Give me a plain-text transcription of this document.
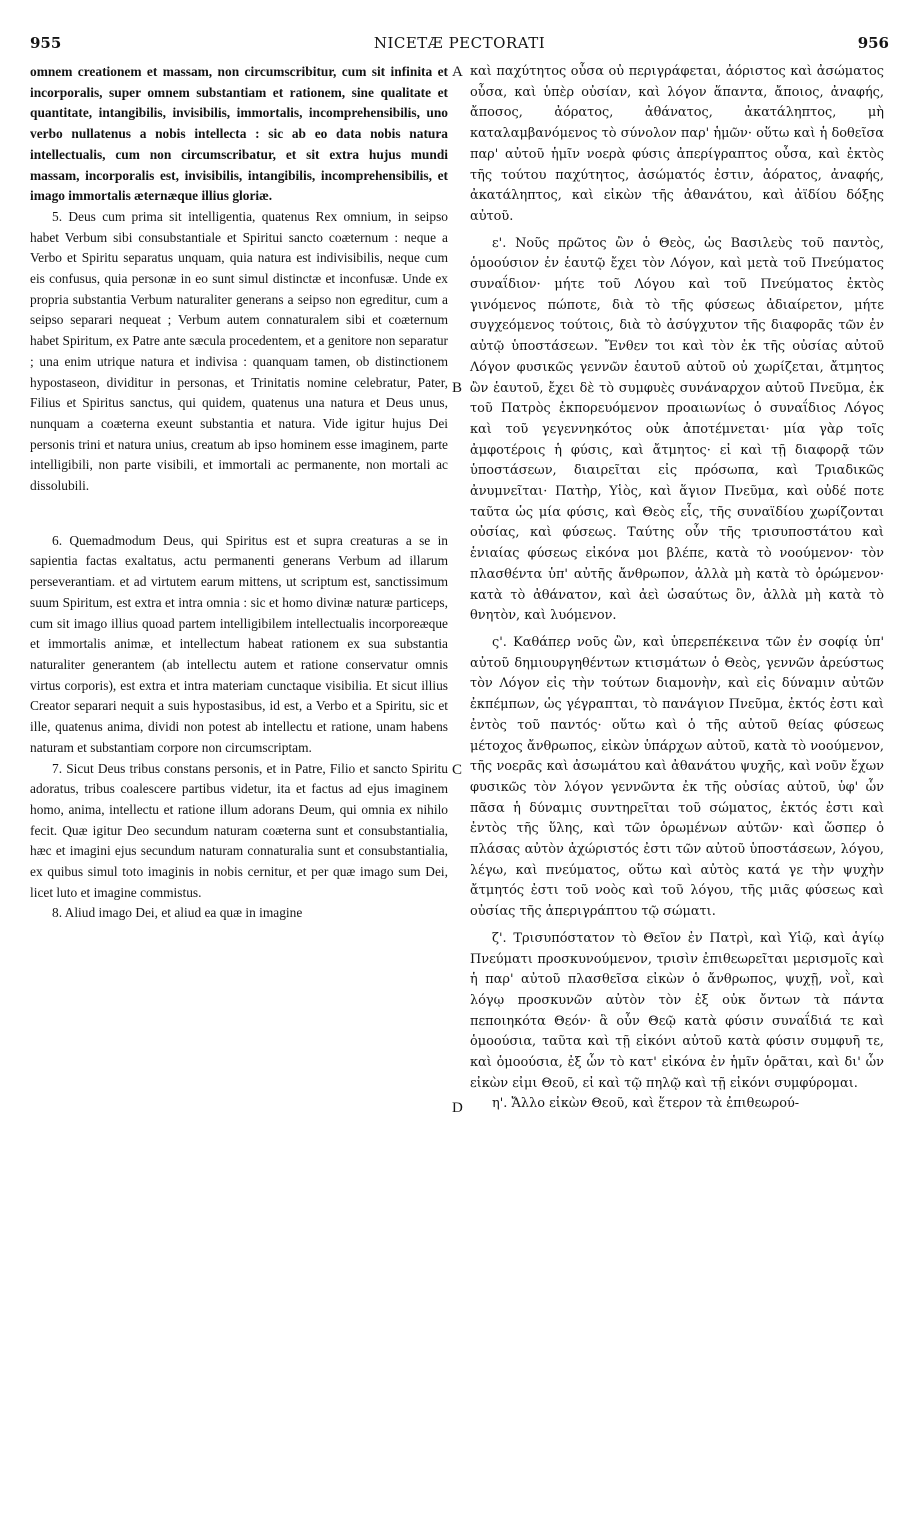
955	NICETÆ PECTORATI	956

omnem creationem et massam, non circumscribitur, cum sit infinita et incorporalis, super omnem substantiam et rationem, sine qualitate et quantitate, intangibilis, invisibilis, immortalis, incomprehensibilis, uno verbo nullatenus a nobis intellecta : sic ab eo data nobis natura intellectualis, cum non circumscribatur, et sit extra hujus mundi massam, incorporalis est, invisibilis, intangibilis, incomprehensibilis, et imago immortalis æternæque illius gloriæ.

5. Deus cum prima sit intelligentia, quatenus Rex omnium, in seipso habet Verbum sibi consubstantiale et Spiritui sancto coæternum : neque a Verbo et Spiritu separatus unquam, quia natura est indivisibilis, neque cum eis confusus, quia personæ in eo sunt simul distinctæ et inconfusæ. Unde ex propria substantia Verbum naturaliter generans a seipso non egreditur, cum a seipso separari nequeat ; Verbum autem connaturalem sibi et coæternum habet Spiritum, ex Patre ante sæcula procedentem, et a genitore non separatur ; una enim utrique natura et indivisa : quanquam tamen, ob distinctionem hypostaseon, dividitur in personas, et Trinitatis nomine celebratur, Pater, Filius et Spiritus sanctus, qui quidem, quatenus una natura et Deus unus, nunquam a coæterna exeunt substantia et natura. Vide igitur hujus Dei personis trini et natura unius, creatum ab ipso hominem esse imaginem, parte intelligibili, non parte visibili, et immortali ac permanente, non mortali ac dissolubili.

6. Quemadmodum Deus, qui Spiritus est et supra creaturas a se in sapientia factas exaltatus, actu permanenti generans Verbum ad illarum perseverantiam. et ad virtutem earum mittens, ut scriptum est, sanctissimum suum Spiritum, est extra et intra omnia : sic et homo divinæ naturæ particeps, cum sit imago illius quoad partem intelligibilem intellectualis incorporeæque et immortalis animæ, et intellectum habeat rationem ex sua substantia naturaliter generantem (ab intellectu autem et ratione conservatur omnis virtus corporis), est extra et intra materiam cunctaque visibilia. Et sicut illius Creator separari nequit a suis hypostasibus, id est, a Verbo et a Spiritu, sic et ille, quatenus anima, dividi non potest ab intellectu et ratione, unam habens naturam et substantiam corpore non circumscriptam.

7. Sicut Deus tribus constans personis, et in Patre, Filio et sancto Spiritu adoratus, tribus coalescere partibus videtur, ita et factus ad ejus imaginem homo, anima, intellectu et ratione illum adorans Deum, qui omnia ex nihilo fecit. Quæ igitur Deo secundum naturam coæterna sunt et consubstantialia, hæc et imagini ejus secundum naturam connaturalia sunt et consubstantialia, ex quibus simul toto imaginis in nobis cernitur, et per quæ imago sum Dei, licet luto et imagine commistus.

8. Aliud imago Dei, et aliud ea quæ in imagine

καὶ παχύτητος οὖσα οὐ περιγράφεται, ἀόριστος καὶ ἀσώματος οὖσα, καὶ ὑπὲρ οὐσίαν, καὶ λόγον ἅπαντα, ἄποιος, ἀναφής, ἄποσος, ἀόρατος, ἀθάνατος, ἀκατάληπτος, μὴ καταλαμβανόμενος τὸ σύνολον παρ' ἡμῶν· οὕτω καὶ ἡ δοθεῖσα παρ' αὐτοῦ ἡμῖν νοερὰ φύσις ἀπερίγραπτος οὖσα, καὶ ἐκτὸς τῆς τούτου παχύτητος, ἀσώματός ἐστιν, ἀόρατος, ἀναφής, ἀκατάληπτος, καὶ εἰκὼν τῆς ἀθανάτου, καὶ ἀϊδίου δόξης αὐτοῦ.

ε'. Νοῦς πρῶτος ὢν ὁ Θεὸς, ὡς Βασιλεὺς τοῦ παντὸς, ὁμοούσιον ἐν ἑαυτῷ ἔχει τὸν Λόγον, καὶ μετὰ τοῦ Πνεύματος συναΐδιον· μήτε τοῦ Λόγου καὶ τοῦ Πνεύματος ἐκτὸς γινόμενος πώποτε, διὰ τὸ τῆς φύσεως ἀδιαίρετον, μήτε συγχεόμενος τούτοις, διὰ τὸ ἀσύγχυτον τῆς διαφορᾶς τῶν ἐν αὐτῷ ὑποστάσεων. Ἔνθεν τοι καὶ τὸν ἐκ τῆς οὐσίας αὐτοῦ Λόγον φυσικῶς γεννῶν ἑαυτοῦ αὐτοῦ οὐ χωρίζεται, ἄτμητος ὢν ἑαυτοῦ, ἔχει δὲ τὸ συμφυὲς συνάναρχον αὐτοῦ Πνεῦμα, ἐκ τοῦ Πατρὸς ἐκπορευόμενον προαιωνίως ὁ συναΐδιος Λόγος καὶ τοῦ γεγεννηκότος οὐκ ἀποτέμνεται· μία γὰρ τοῖς ἀμφοτέροις ἡ φύσις, καὶ ἄτμητος· εἰ καὶ τῇ διαφορᾷ τῶν ὑποστάσεων, διαιρεῖται εἰς πρόσωπα, καὶ Τριαδικῶς ἀνυμνεῖται· Πατὴρ, Υἱὸς, καὶ ἅγιον Πνεῦμα, καὶ οὐδέ ποτε ταῦτα ὡς μία φύσις, καὶ Θεὸς εἷς, τῆς συναϊδίου χωρίζονται οὐσίας, καὶ φύσεως. Ταύτης οὖν τῆς τρισυποστάτου καὶ ἑνιαίας φύσεως εἰκόνα μοι βλέπε, κατὰ τὸ νοούμενον· τὸν πλασθέντα ὑπ' αὐτῆς ἄνθρωπον, ἀλλὰ μὴ κατὰ τὸ ὁρώμενον· κατὰ τὸ ἀθάνατον, καὶ ἀεὶ ὡσαύτως ὂν, ἀλλὰ μὴ κατὰ τὸ θνητὸν, καὶ λυόμενον.

ς'. Καθάπερ νοῦς ὢν, καὶ ὑπερεπέκεινα τῶν ἐν σοφίᾳ ὑπ' αὐτοῦ δημιουργηθέντων κτισμάτων ὁ Θεὸς, γεννῶν ἀρεύστως τὸν Λόγον εἰς τὴν τούτων διαμονὴν, καὶ εἰς δύναμιν αὐτῶν ἐκπέμπων, ὡς γέγραπται, τὸ πανάγιον Πνεῦμα, ἐκτός ἐστι καὶ ἐντὸς τοῦ παντός· οὕτω καὶ ὁ τῆς αὐτοῦ θείας φύσεως μέτοχος ἄνθρωπος, εἰκὼν ὑπάρχων αὐτοῦ, κατὰ τὸ νοούμενον, τῆς νοερᾶς καὶ ἀσωμάτου καὶ ἀθανάτου ψυχῆς, καὶ νοῦν ἔχων φυσικῶς τὸν λόγον γεννῶντα ἐκ τῆς οὐσίας αὐτοῦ, ὑφ' ὧν πᾶσα ἡ δύναμις συντηρεῖται τοῦ σώματος, ἐκτός ἐστι καὶ ἐντὸς τῆς ὕλης, καὶ τῶν ὁρωμένων αὐτῶν· καὶ ὥσπερ ὁ πλάσας αὐτὸν ἀχώριστός ἐστι τῶν αὐτοῦ ὑποστάσεων, λόγου, λέγω, καὶ πνεύματος, οὕτω καὶ αὐτὸς κατά γε τὴν ψυχὴν ἄτμητός ἐστι τοῦ νοὸς καὶ τοῦ λόγου, τῆς μιᾶς φύσεως καὶ οὐσίας τῆς ἀπεριγράπτου τῷ σώματι.

ζ'. Τρισυπόστατον τὸ Θεῖον ἐν Πατρὶ, καὶ Υἱῷ, καὶ ἁγίῳ Πνεύματι προσκυνούμενον, τρισὶν ἐπιθεωρεῖται μερισμοῖς καὶ ἡ παρ' αὐτοῦ πλασθεῖσα εἰκὼν ὁ ἄνθρωπος, ψυχῇ, νοῒ, καὶ λόγῳ προσκυνῶν αὐτὸν τὸν ἐξ οὐκ ὄντων τὰ πάντα πεποιηκότα Θεόν· ἃ οὖν Θεῷ κατὰ φύσιν συναΐδιά τε καὶ ὁμοούσια, ταῦτα καὶ τῇ εἰκόνι αὐτοῦ κατὰ φύσιν συμφυῆ τε, καὶ ὁμοούσια, ἐξ ὧν τὸ κατ' εἰκόνα ἐν ἡμῖν ὁρᾶται, καὶ δι' ὧν εἰκὼν εἰμι Θεοῦ, εἰ καὶ τῷ πηλῷ καὶ τῇ εἰκόνι συμφύρομαι.

η'. Ἄλλο εἰκὼν Θεοῦ, καὶ ἕτερον τὰ ἐπιθεωρού-

A
B
C
D
